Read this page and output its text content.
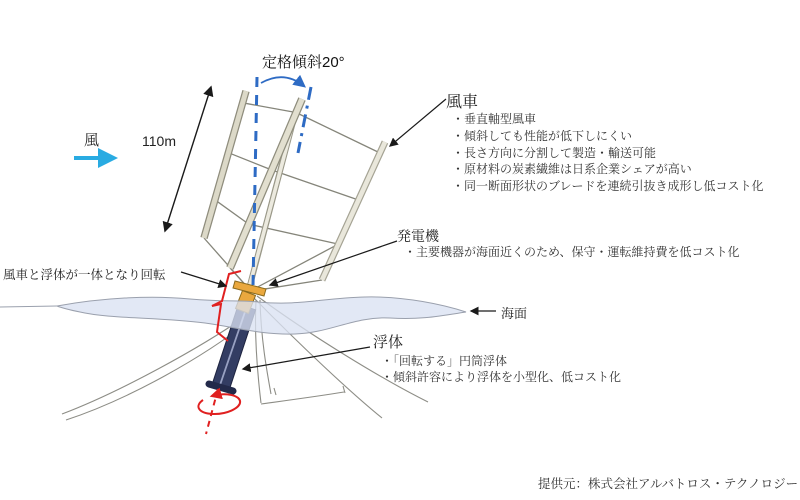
定格傾斜20°
風	110m
風車と浮体が一体となり回転
風車
・垂直軸型風車
・傾斜しても性能が低下しにくい
・長さ方向に分割して製造・輸送可能
・原材料の炭素繊維は日系企業シェアが高い
・同一断面形状のブレードを連続引抜き成形し低コスト化
発電機
・主要機器が海面近くのため、保守・運転維持費を低コスト化
海面
浮体
・「回転する」円筒浮体
・傾斜許容により浮体を小型化、低コスト化
提供元：株式会社アルバトロス・テクノロジー
